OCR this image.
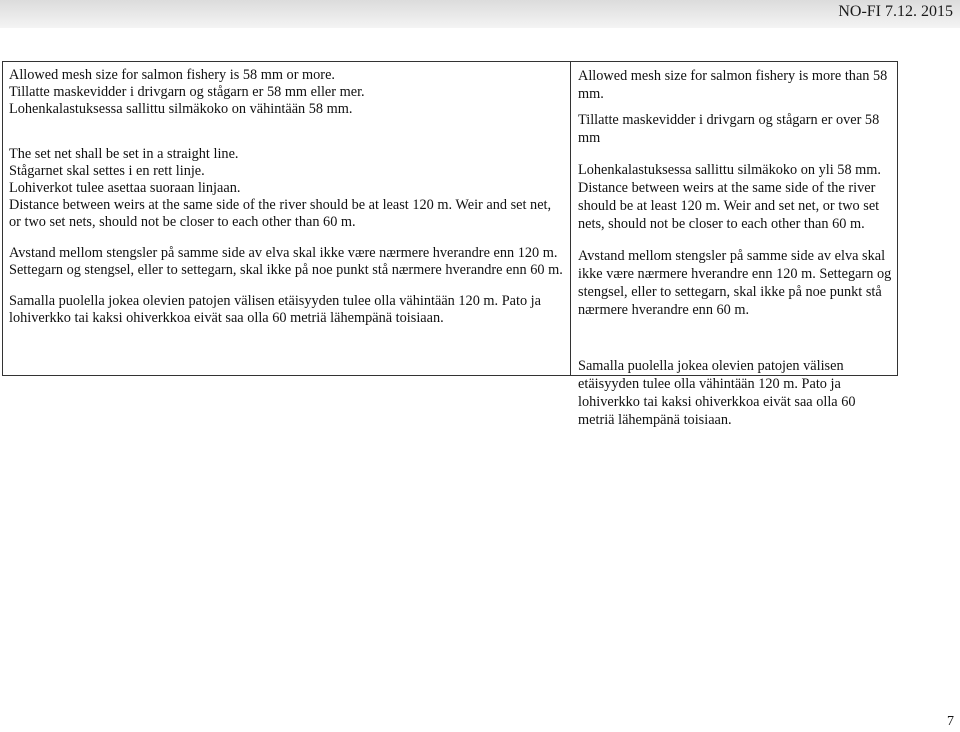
NO-FI 7.12. 2015

Allowed mesh size for salmon fishery is 58 mm or more.

Tillatte maskevidder i drivgarn og stågarn er 58 mm eller mer.

Lohenkalastuksessa sallittu silmäkoko on vähintään 58 mm.

The set net shall be set in a straight line.

Stågarnet skal settes i en rett linje.

Lohiverkot tulee asettaa suoraan linjaan.

Distance between weirs at the same side of the river should be at least 120 m. Weir and set net, or two set nets, should not be closer to each other than 60 m.

Avstand mellom stengsler på samme side av elva skal ikke være nærmere hverandre enn 120 m. Settegarn og stengsel, eller to settegarn, skal ikke på noe punkt stå nærmere hverandre enn 60 m.

Samalla puolella jokea olevien patojen välisen etäisyyden tulee olla vähintään 120 m. Pato ja lohiverkko tai kaksi ohiverkkoa eivät saa olla 60 metriä lähempänä toisiaan.

Allowed mesh size for salmon fishery is more than 58 mm.

Tillatte maskevidder i drivgarn og stågarn er over 58 mm

Lohenkalastuksessa sallittu silmäkoko on yli 58 mm.

Distance between weirs at the same side of the river should be at least 120 m. Weir and set net, or two set nets, should not be closer to each other than 60 m.

Avstand mellom stengsler på samme side av elva skal ikke være nærmere hverandre enn 120 m. Settegarn og stengsel, eller to settegarn, skal ikke på noe punkt stå nærmere hverandre enn 60 m.

Samalla puolella jokea olevien patojen välisen etäisyyden tulee olla vähintään 120 m. Pato ja lohiverkko tai kaksi ohiverkkoa eivät saa olla 60 metriä lähempänä toisiaan.

7
